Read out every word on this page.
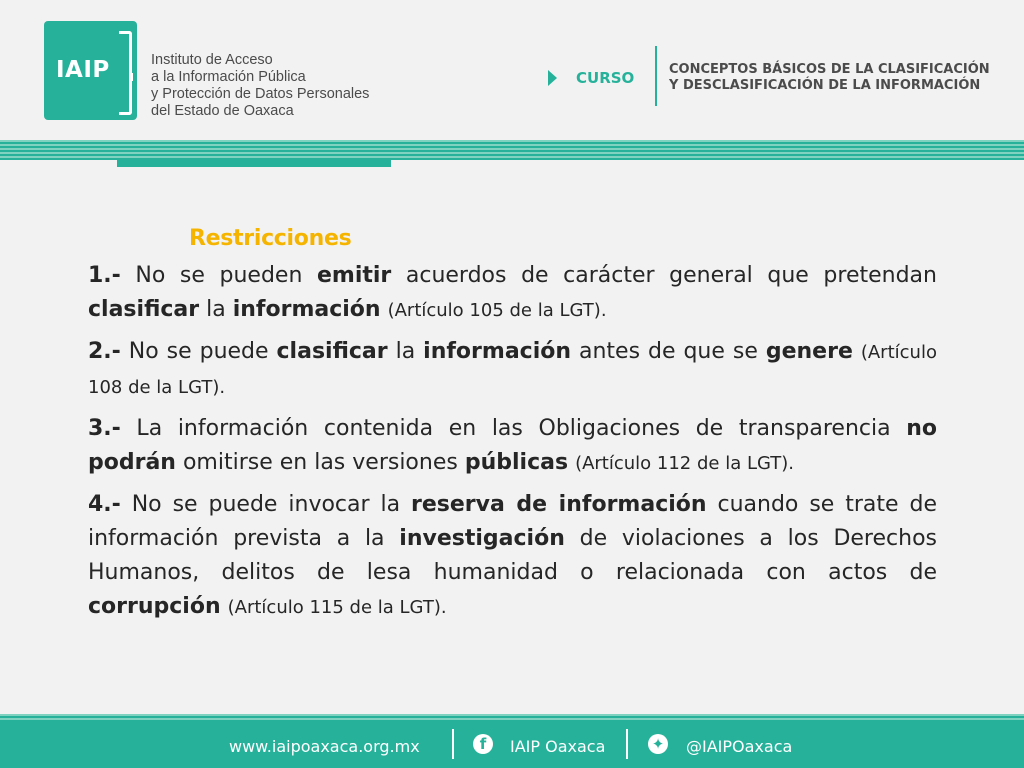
IAIP	Instituto de Acceso
a la Información Pública
y Protección de Datos Personales
del Estado de Oaxaca
CURSO	CONCEPTOS BÁSICOS DE LA CLASIFICACIÓN
Y DESCLASIFICACIÓN DE LA INFORMACIÓN
Restricciones
1.- No se pueden emitir acuerdos de carácter general que pretendan clasificar la información (Artículo 105 de la LGT).
2.- No se puede clasificar la información antes de que se genere (Artículo 108 de la LGT).
3.- La información contenida en las Obligaciones de transparencia no podrán omitirse en las versiones públicas (Artículo 112 de la LGT).
4.- No se puede invocar la reserva de información cuando se trate de información prevista a la investigación de violaciones a los Derechos Humanos, delitos de lesa humanidad o relacionada con actos de corrupción (Artículo 115 de la LGT).
www.iaipoaxaca.org.mx	f	IAIP Oaxaca	✦ @IAIPOaxaca
